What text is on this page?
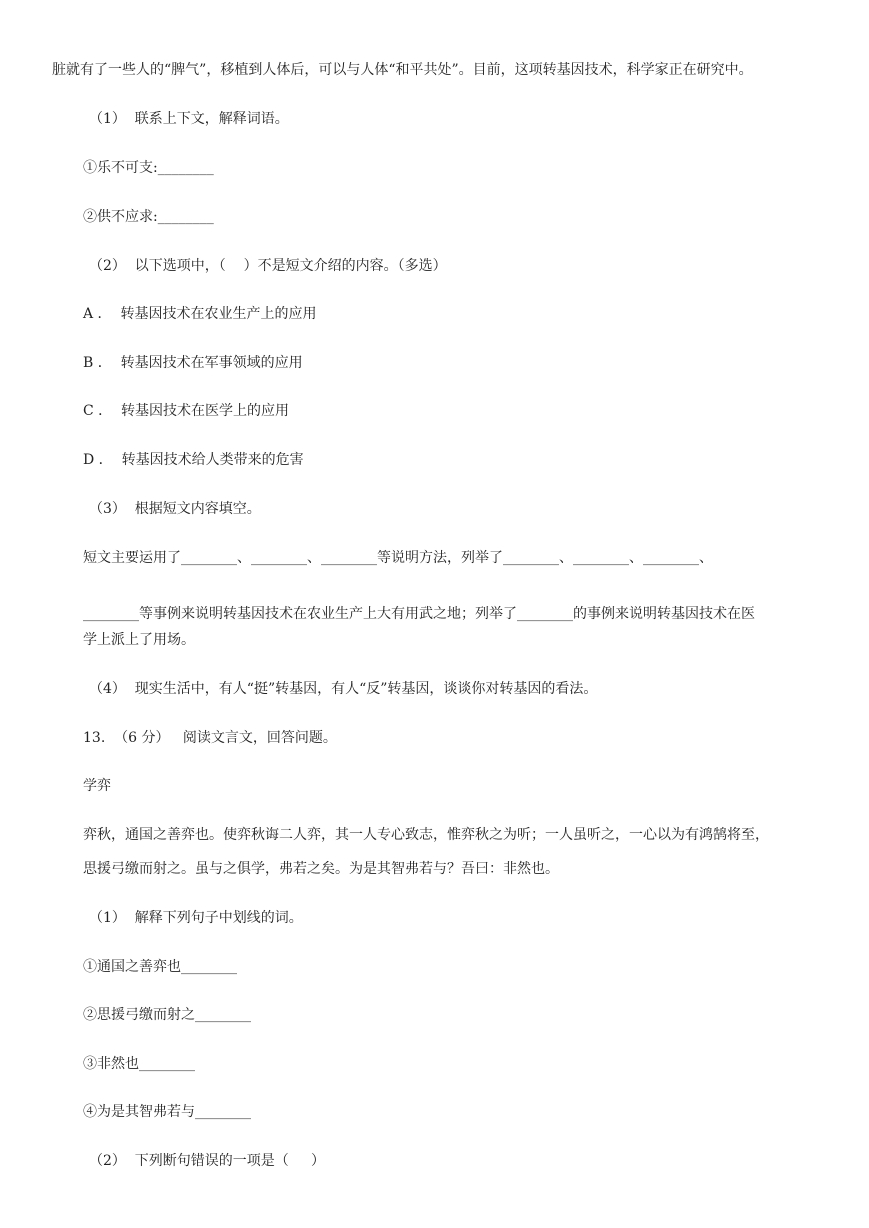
脏就有了一些人的“脾气”，移植到人体后，可以与人体“和平共处”。目前，这项转基因技术，科学家正在研究中。
（1）  联系上下文，解释词语。
①乐不可支:________
②供不应求:________
（2）  以下选项中，（    ）不是短文介绍的内容。（多选）
A ．  转基因技术在农业生产上的应用
B ．  转基因技术在军事领域的应用
C ．  转基因技术在医学上的应用
D ．  转基因技术给人类带来的危害
（3）  根据短文内容填空。
短文主要运用了________、________、________等说明方法，列举了________、________、________、
________等事例来说明转基因技术在农业生产上大有用武之地；列举了________的事例来说明转基因技术在医
学上派上了用场。
（4）  现实生活中，有人“挺”转基因，有人“反”转基因，谈谈你对转基因的看法。
13.  （6 分）   阅读文言文，回答问题。
学弈
弈秋，通国之善弈也。使弈秋诲二人弈，其一人专心致志，惟弈秋之为听；一人虽听之，一心以为有鸿鹄将至，
思援弓缴而射之。虽与之俱学，弗若之矣。为是其智弗若与？吾曰：非然也。
（1）  解释下列句子中划线的词。
①通国之善弈也________
②思援弓缴而射之________
③非然也________
④为是其智弗若与________
（2）  下列断句错误的一项是（     ）
